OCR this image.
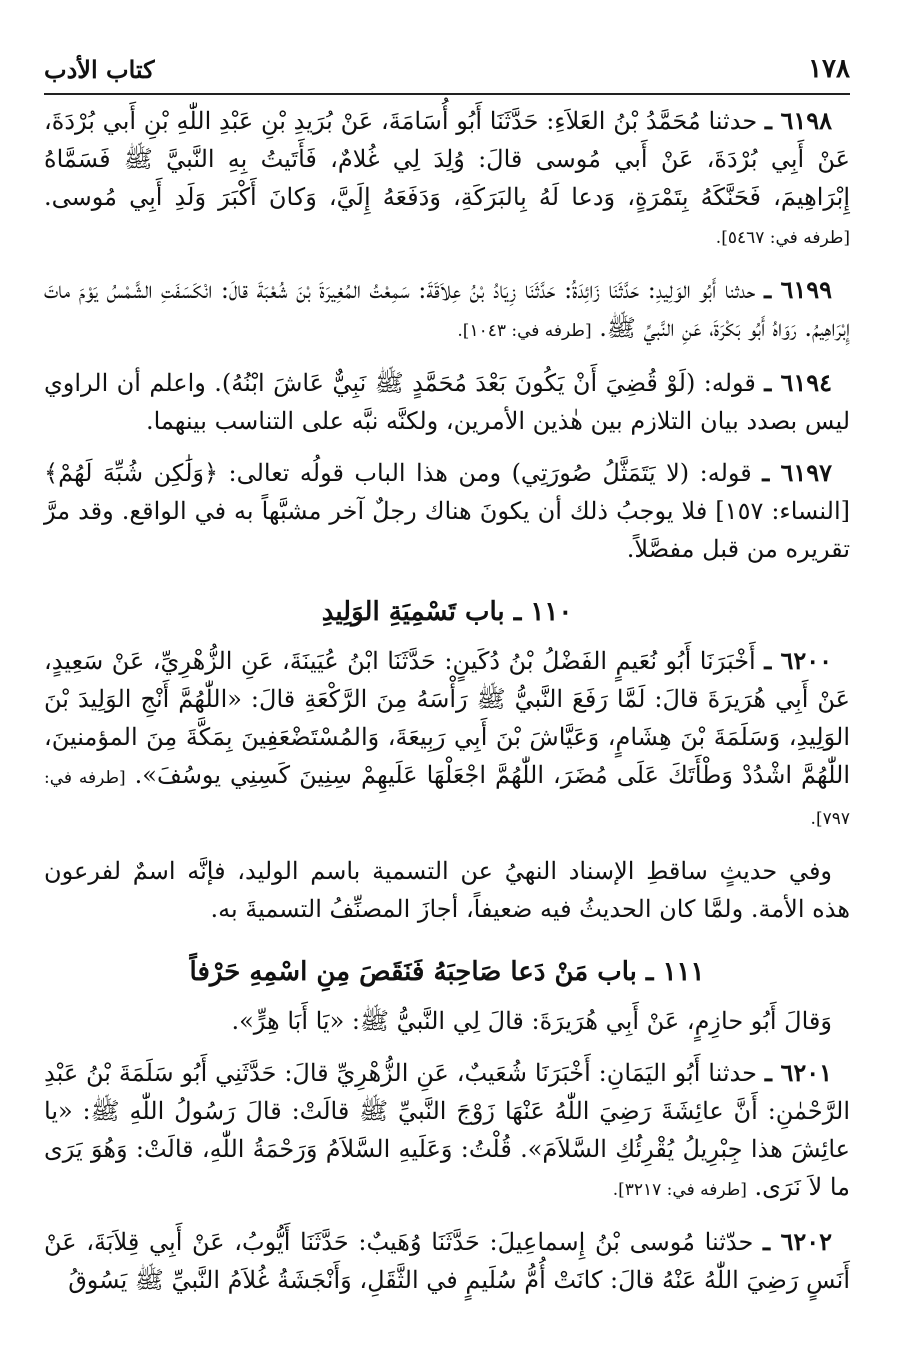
كتاب الأدب	١٧٨

٦١٩٨ ـ حدثنا مُحَمَّدُ بْنُ العَلاَءِ: حَدَّثَنَا أَبُو أُسَامَةَ، عَنْ بُرَيدِ بْنِ عَبْدِ اللّٰهِ بْنِ أَبي بُرْدَةَ، عَنْ أَبِي بُرْدَةَ، عَنْ أَبي مُوسى قالَ: وُلِدَ لِي غُلامٌ، فَأَتَيتُ بِهِ النَّبيَّ ﷺ فَسَمَّاهُ إِبْرَاهِيمَ، فَحَنَّكَهُ بِتَمْرَةٍ، وَدعا لَهُ بِالبَرَكَةِ، وَدَفَعَهُ إِلَيَّ، وَكانَ أَكْبَرَ وَلَدِ أَبِي مُوسى. [طرفه في: ٥٤٦٧].

٦١٩٩ ـ حدثنا أَبُو الوَلِيدِ: حَدَّثَنَا زَائِدَةُ: حَدَّثَنَا زِيَادُ بْنُ عِلاَقَةَ: سَمِعْتُ المُغِيرَةَ بْنَ شُعْبَةَ قالَ: انْكَسَفَتِ الشَّمْسُ يَوْمَ ماتَ إِبْرَاهِيمُ. رَوَاهُ أَبُو بَكْرَةَ، عَنِ النَّبيِّ ﷺ. [طرفه في: ١٠٤٣].

٦١٩٤ ـ قوله: (لَوْ قُضِيَ أَنْ يَكُونَ بَعْدَ مُحَمَّدٍ ﷺ نَبِيٌّ عَاشَ ابْنُهُ). واعلم أن الراوي ليس بصدد بيان التلازم بين هٰذين الأمرين، ولكنَّه نبَّه على التناسب بينهما.

٦١٩٧ ـ قوله: (لا يَتَمَثَّلُ صُورَتِي) ومن هذا الباب قولُه تعالى: ﴿وَلَٰكِن شُبِّهَ لَهُمْ﴾ [النساء: ١٥٧] فلا يوجبُ ذلك أن يكونَ هناك رجلٌ آخر مشبَّهاً به في الواقع. وقد مرَّ تقريره من قبل مفصَّلاً.

١١٠ ـ باب تَسْمِيَةِ الوَلِيدِ

٦٢٠٠ ـ أَخْبَرَنَا أَبُو نُعَيمٍ الفَضْلُ بْنُ دُكَينٍ: حَدَّثَنَا ابْنُ عُيَينَةَ، عَنِ الزُّهْرِيِّ، عَنْ سَعِيدٍ، عَنْ أَبِي هُرَيرَةَ قالَ: لَمَّا رَفَعَ النَّبيُّ ﷺ رَأْسَهُ مِنَ الرَّكْعَةِ قالَ: «اللّٰهُمَّ أَنْجِ الوَلِيدَ بْنَ الوَلِيدِ، وَسَلَمَةَ بْنَ هِشَامٍ، وَعَيَّاشَ بْنَ أَبِي رَبِيعَةَ، وَالمُسْتَضْعَفِينَ بِمَكَّةَ مِنَ المؤمنينَ، اللّٰهُمَّ اشْدُدْ وَطْأَتَكَ عَلَى مُضَرَ، اللّٰهُمَّ اجْعَلْهَا عَلَيهِمْ سِنِينَ كَسِنِي يوسُفَ». [طرفه في: ٧٩٧].

وفي حديثٍ ساقطِ الإسناد النهيُ عن التسمية باسم الوليد، فإنَّه اسمٌ لفرعون هذه الأمة. ولمَّا كان الحديثُ فيه ضعيفاً، أجازَ المصنِّفُ التسميةَ به.

١١١ ـ باب مَنْ دَعا صَاحِبَهُ فَنَقَصَ مِنِ اسْمِهِ حَرْفاً

وَقالَ أَبُو حازِمٍ، عَنْ أَبِي هُرَيرَةَ: قالَ لِي النَّبيُّ ﷺ: «يَا أَبَا هِرٍّ».

٦٢٠١ ـ حدثنا أَبُو اليَمَانِ: أَخْبَرَنَا شُعَيبٌ، عَنِ الزُّهْرِيِّ قالَ: حَدَّثَنِي أَبُو سَلَمَةَ بْنُ عَبْدِ الرَّحْمٰنِ: أَنَّ عائِشَةَ رَضِيَ اللّٰهُ عَنْهَا زَوْجَ النَّبيِّ ﷺ قالَتْ: قالَ رَسُولُ اللّٰهِ ﷺ: «يا عائِشَ هذا جِبْرِيلُ يُقْرِئُكِ السَّلاَمَ». قُلْتُ: وَعَلَيهِ السَّلاَمُ وَرَحْمَةُ اللّٰهِ، قالَتْ: وَهُوَ يَرَى ما لاَ نَرَى. [طرفه في: ٣٢١٧].

٦٢٠٢ ـ حدّثنا مُوسى بْنُ إِسماعِيلَ: حَدَّثَنَا وُهَيبٌ: حَدَّثَنَا أَيُّوبُ، عَنْ أَبِي قِلاَبَةَ، عَنْ أَنَسٍ رَضِيَ اللّٰهُ عَنْهُ قالَ: كانَتْ أُمُّ سُلَيمٍ في الثَّقَلِ، وَأَنْجَشَةُ غُلاَمُ النَّبيِّ ﷺ يَسُوقُ
